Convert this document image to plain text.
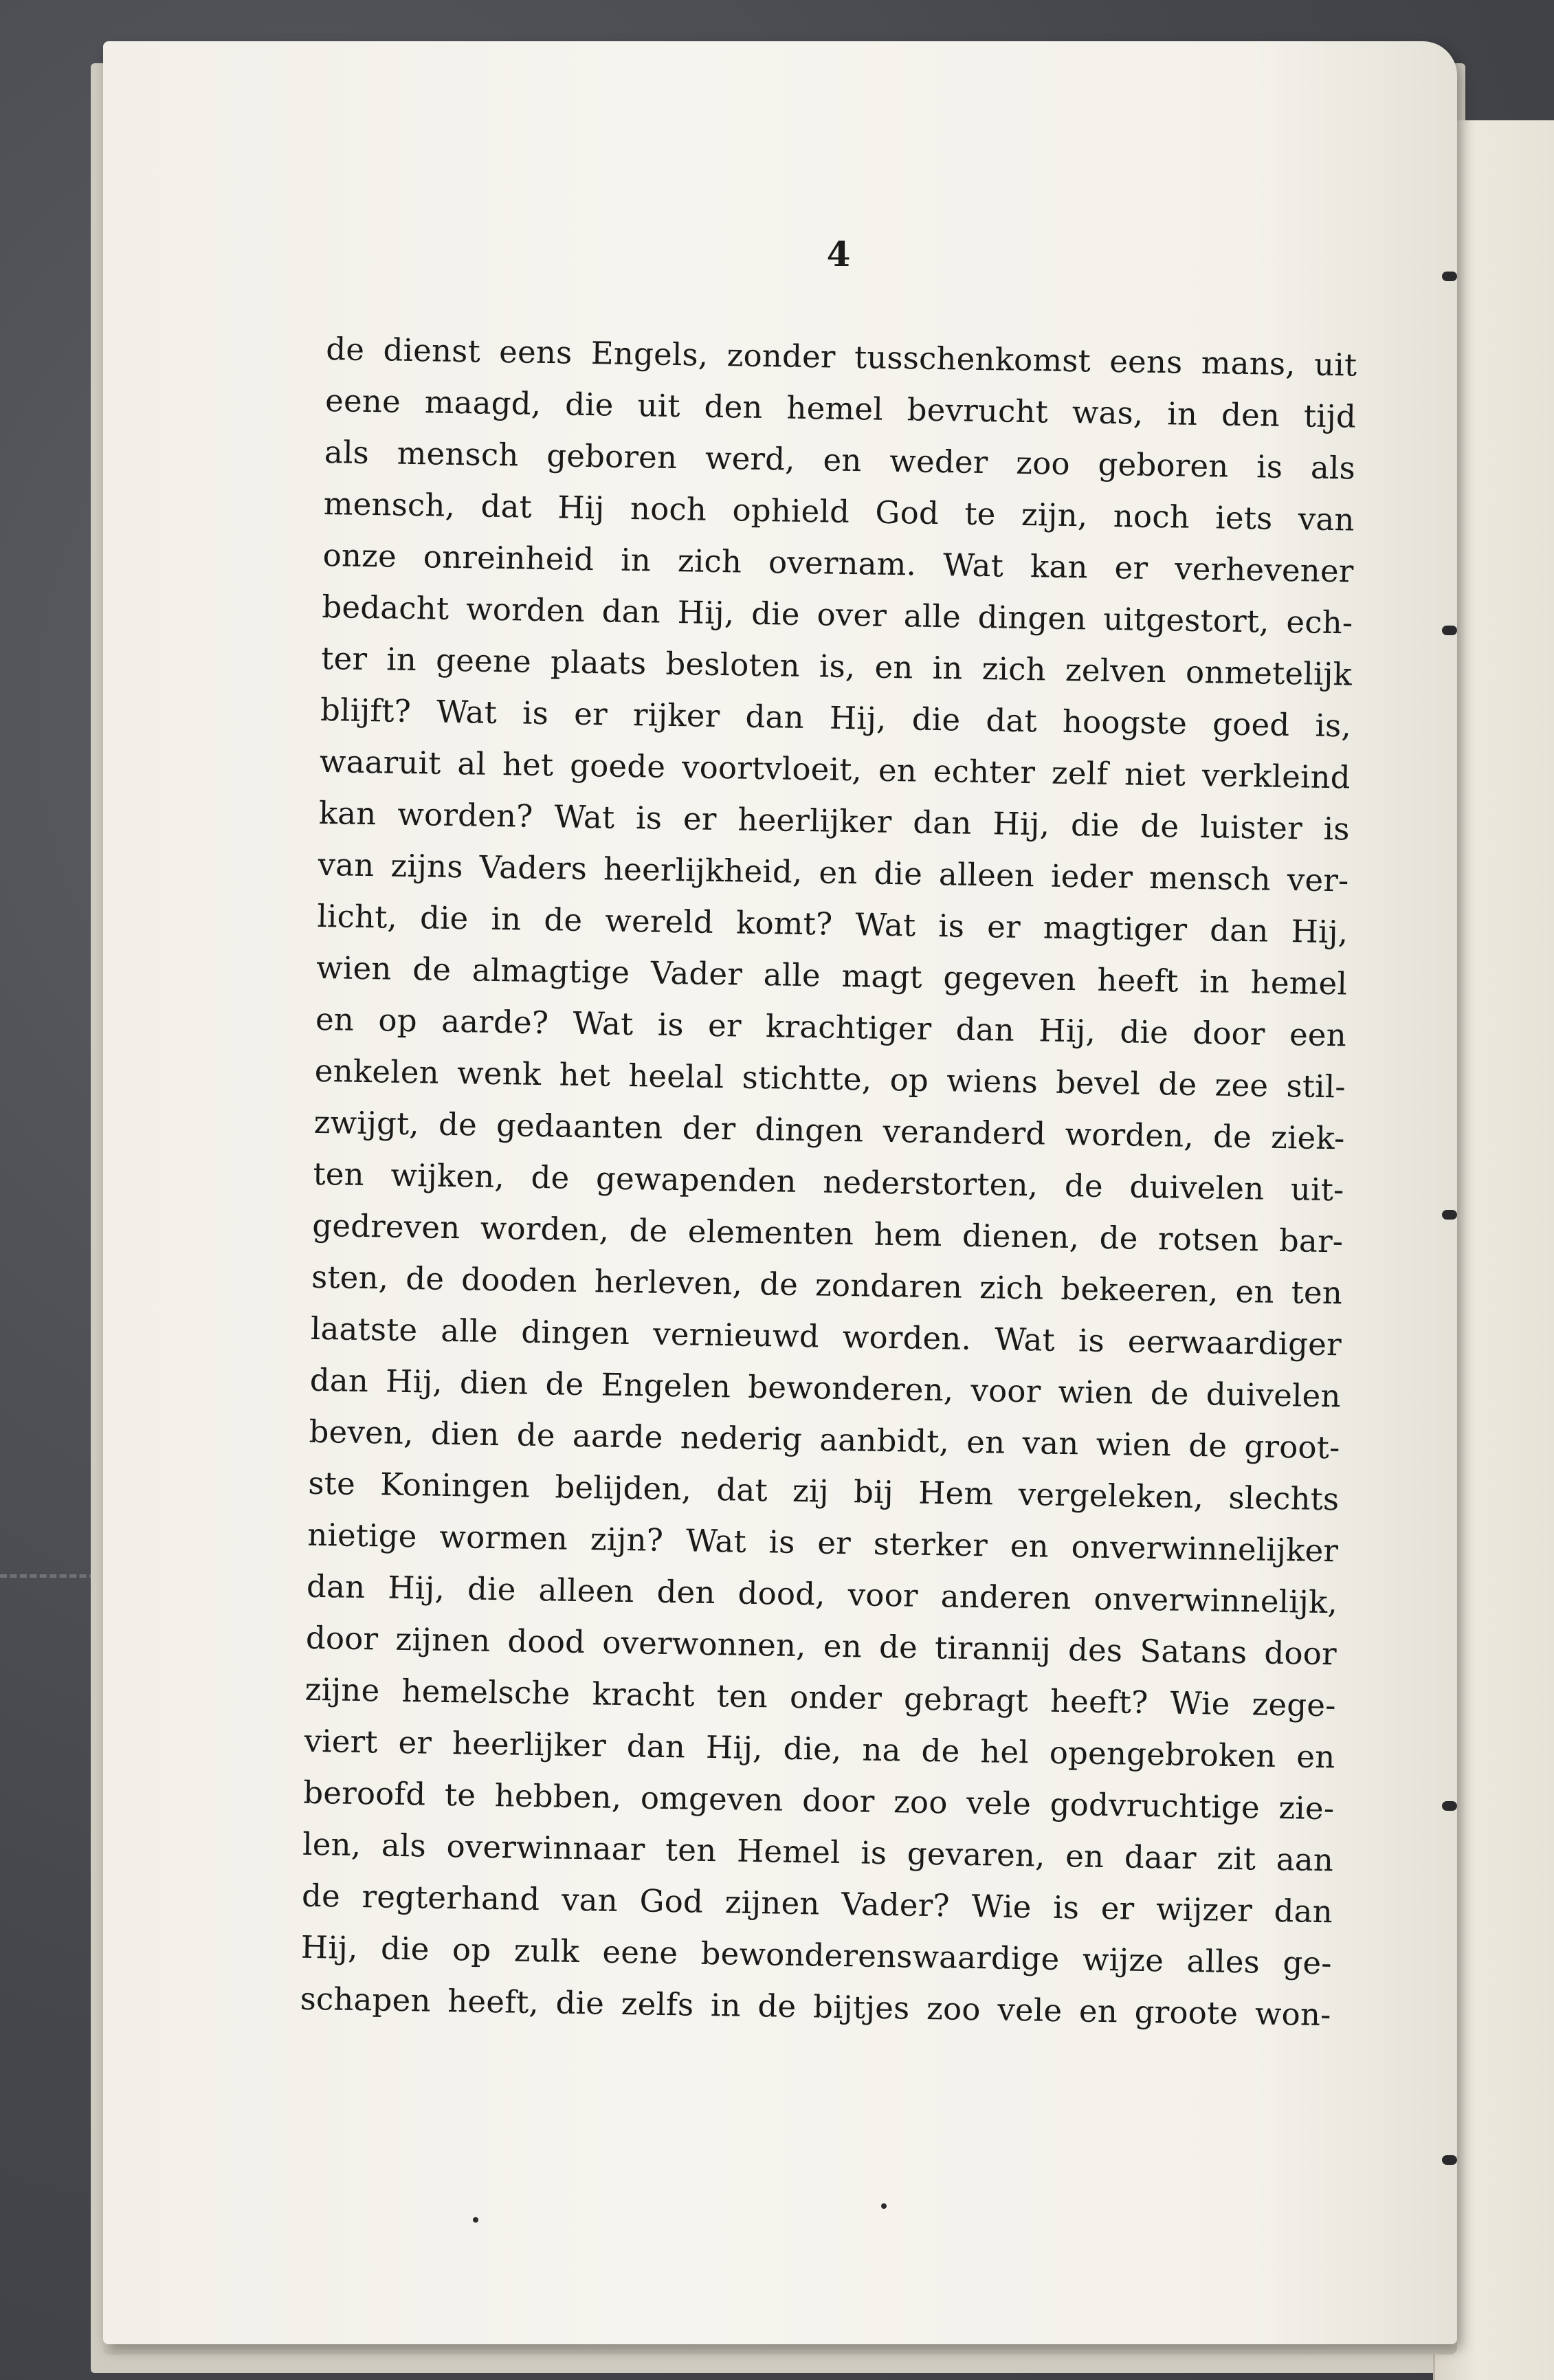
4
de dienst eens Engels, zonder tusschenkomst eens mans, uit
eene maagd, die uit den hemel bevrucht was, in den tijd
als mensch geboren werd, en weder zoo geboren is als
mensch, dat Hij noch ophield God te zijn, noch iets van
onze onreinheid in zich overnam. Wat kan er verhevener
bedacht worden dan Hij, die over alle dingen uitgestort, ech-
ter in geene plaats besloten is, en in zich zelven onmetelijk
blijft? Wat is er rijker dan Hij, die dat hoogste goed is,
waaruit al het goede voortvloeit, en echter zelf niet verkleind
kan worden? Wat is er heerlijker dan Hij, die de luister is
van zijns Vaders heerlijkheid, en die alleen ieder mensch ver-
licht, die in de wereld komt? Wat is er magtiger dan Hij,
wien de almagtige Vader alle magt gegeven heeft in hemel
en op aarde? Wat is er krachtiger dan Hij, die door een
enkelen wenk het heelal stichtte, op wiens bevel de zee stil-
zwijgt, de gedaanten der dingen veranderd worden, de ziek-
ten wijken, de gewapenden nederstorten, de duivelen uit-
gedreven worden, de elementen hem dienen, de rotsen bar-
sten, de dooden herleven, de zondaren zich bekeeren, en ten
laatste alle dingen vernieuwd worden. Wat is eerwaardiger
dan Hij, dien de Engelen bewonderen, voor wien de duivelen
beven, dien de aarde nederig aanbidt, en van wien de groot-
ste Koningen belijden, dat zij bij Hem vergeleken, slechts
nietige wormen zijn? Wat is er sterker en onverwinnelijker
dan Hij, die alleen den dood, voor anderen onverwinnelijk,
door zijnen dood overwonnen, en de tirannij des Satans door
zijne hemelsche kracht ten onder gebragt heeft? Wie zege-
viert er heerlijker dan Hij, die, na de hel opengebroken en
beroofd te hebben, omgeven door zoo vele godvruchtige zie-
len, als overwinnaar ten Hemel is gevaren, en daar zit aan
de regterhand van God zijnen Vader? Wie is er wijzer dan
Hij, die op zulk eene bewonderenswaardige wijze alles ge-
schapen heeft, die zelfs in de bijtjes zoo vele en groote won-
